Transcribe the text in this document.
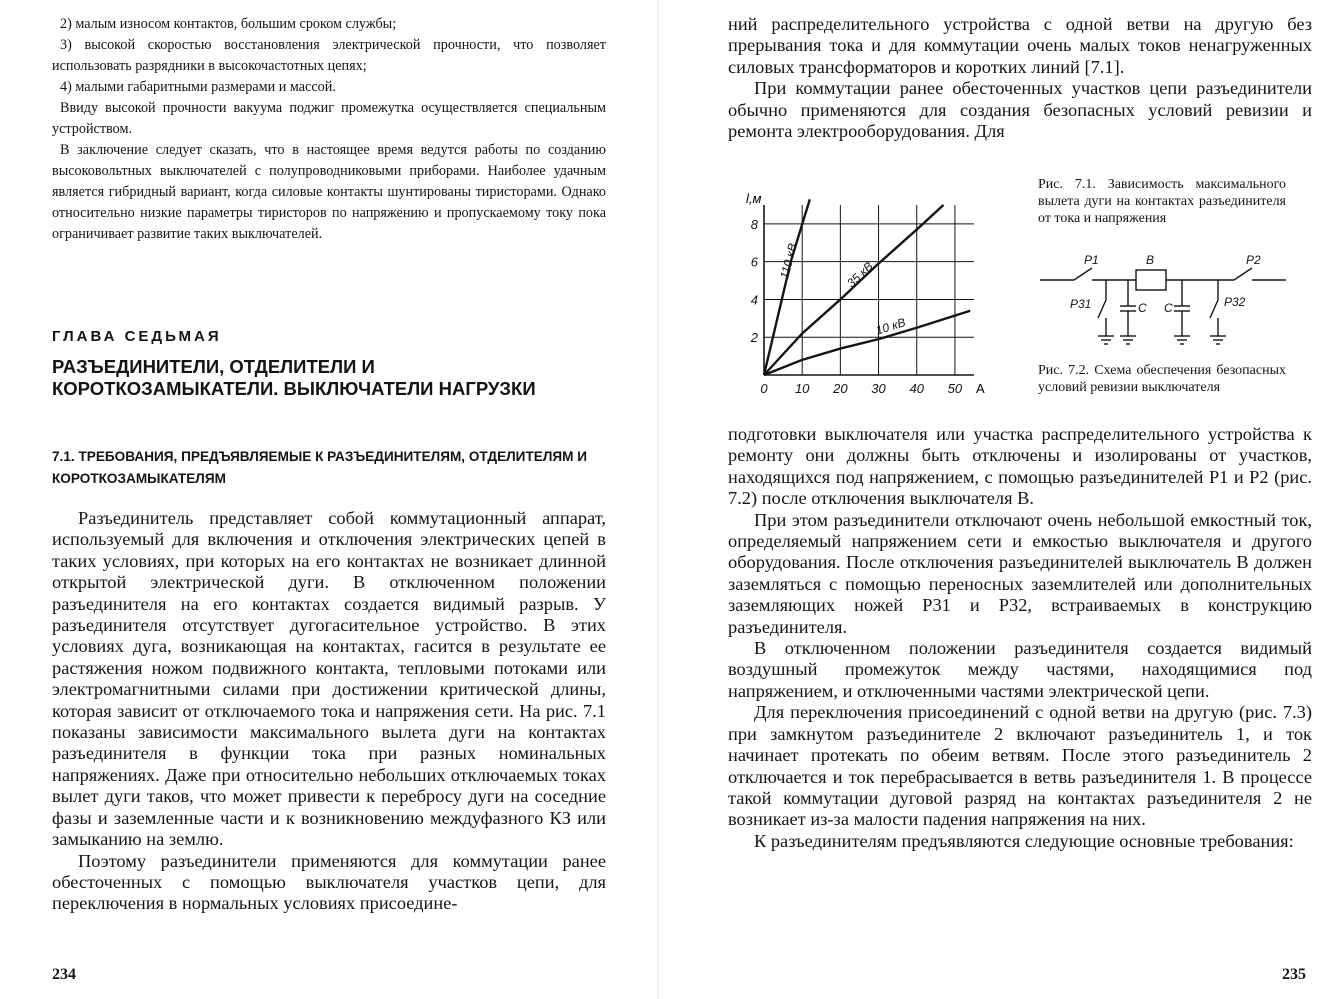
2) малым износом контактов, большим сроком службы;

3) высокой скоростью восстановления электрической прочности, что позволяет использовать разрядники в высокочастотных цепях;

4) малыми габаритными размерами и массой.

Ввиду высокой прочности вакуума поджиг промежутка осуществляется специальным устройством.

В заключение следует сказать, что в настоящее время ведутся работы по созданию высоковольтных выключателей с полупроводниковыми приборами. Наиболее удачным является гибридный вариант, когда силовые контакты шунтированы тиристорами. Однако относительно низкие параметры тиристоров по напряжению и пропускаемому току пока ограничивает развитие таких выключателей.

ГЛАВА СЕДЬМАЯ
РАЗЪЕДИНИТЕЛИ, ОТДЕЛИТЕЛИ И КОРОТКОЗАМЫКАТЕЛИ. ВЫКЛЮЧАТЕЛИ НАГРУЗКИ
7.1. ТРЕБОВАНИЯ, ПРЕДЪЯВЛЯЕМЫЕ К РАЗЪЕДИНИТЕЛЯМ, ОТДЕЛИТЕЛЯМ И КОРОТКОЗАМЫКАТЕЛЯМ

Разъединитель представляет собой коммутационный аппарат, используемый для включения и отключения электрических цепей в таких условиях, при которых на его контактах не возникает длинной открытой электрической дуги. В отключенном положении разъединителя на его контактах создается видимый разрыв. У разъединителя отсутствует дугогасительное устройство. В этих условиях дуга, возникающая на контактах, гасится в результате ее растяжения ножом подвижного контакта, тепловыми потоками или электромагнитными силами при достижении критической длины, которая зависит от отключаемого тока и напряжения сети. На рис. 7.1 показаны зависимости максимального вылета дуги на контактах разъединителя в функции тока при разных номинальных напряжениях. Даже при относительно небольших отключаемых токах вылет дуги таков, что может привести к перебросу дуги на соседние фазы и заземленные части и к возникновению междуфазного КЗ или замыканию на землю.

Поэтому разъединители применяются для коммутации ранее обесточенных с помощью выключателя участков цепи, для переключения в нормальных условиях присоедине-

234

ний распределительного устройства с одной ветви на другую без прерывания тока и для коммутации очень малых токов ненагруженных силовых трансформаторов и коротких линий [7.1].

При коммутации ранее обесточенных участков цепи разъединители обычно применяются для создания безопасных условий ревизии и ремонта электрооборудования. Для

0 10 20 30 40 50
2
4
6
8
110 кВ	35 кВ
10 кВ
l,м
A
Рис. 7.1. Зависимость максимального вылета дуги на контактах разъединителя от тока и напряжения
P1	B	P2
P31	C C	P32
Рис. 7.2. Схема обеспечения безопасных условий ревизии выключателя

подготовки выключателя или участка распределительного устройства к ремонту они должны быть отключены и изолированы от участков, находящихся под напряжением, с помощью разъединителей P1 и P2 (рис. 7.2) после отключения выключателя B.

При этом разъединители отключают очень небольшой емкостный ток, определяемый напряжением сети и емкостью выключателя и другого оборудования. После отключения разъединителей выключатель B должен заземляться с помощью переносных заземлителей или дополнительных заземляющих ножей P31 и P32, встраиваемых в конструкцию разъединителя.

В отключенном положении разъединителя создается видимый воздушный промежуток между частями, находящимися под напряжением, и отключенными частями электрической цепи.

Для переключения присоединений с одной ветви на другую (рис. 7.3) при замкнутом разъединителе 2 включают разъединитель 1, и ток начинает протекать по обеим ветвям. После этого разъединитель 2 отключается и ток перебрасывается в ветвь разъединителя 1. В процессе такой коммутации дуговой разряд на контактах разъединителя 2 не возникает из-за малости падения напряжения на них.

К разъединителям предъявляются следующие основные требования:

235
